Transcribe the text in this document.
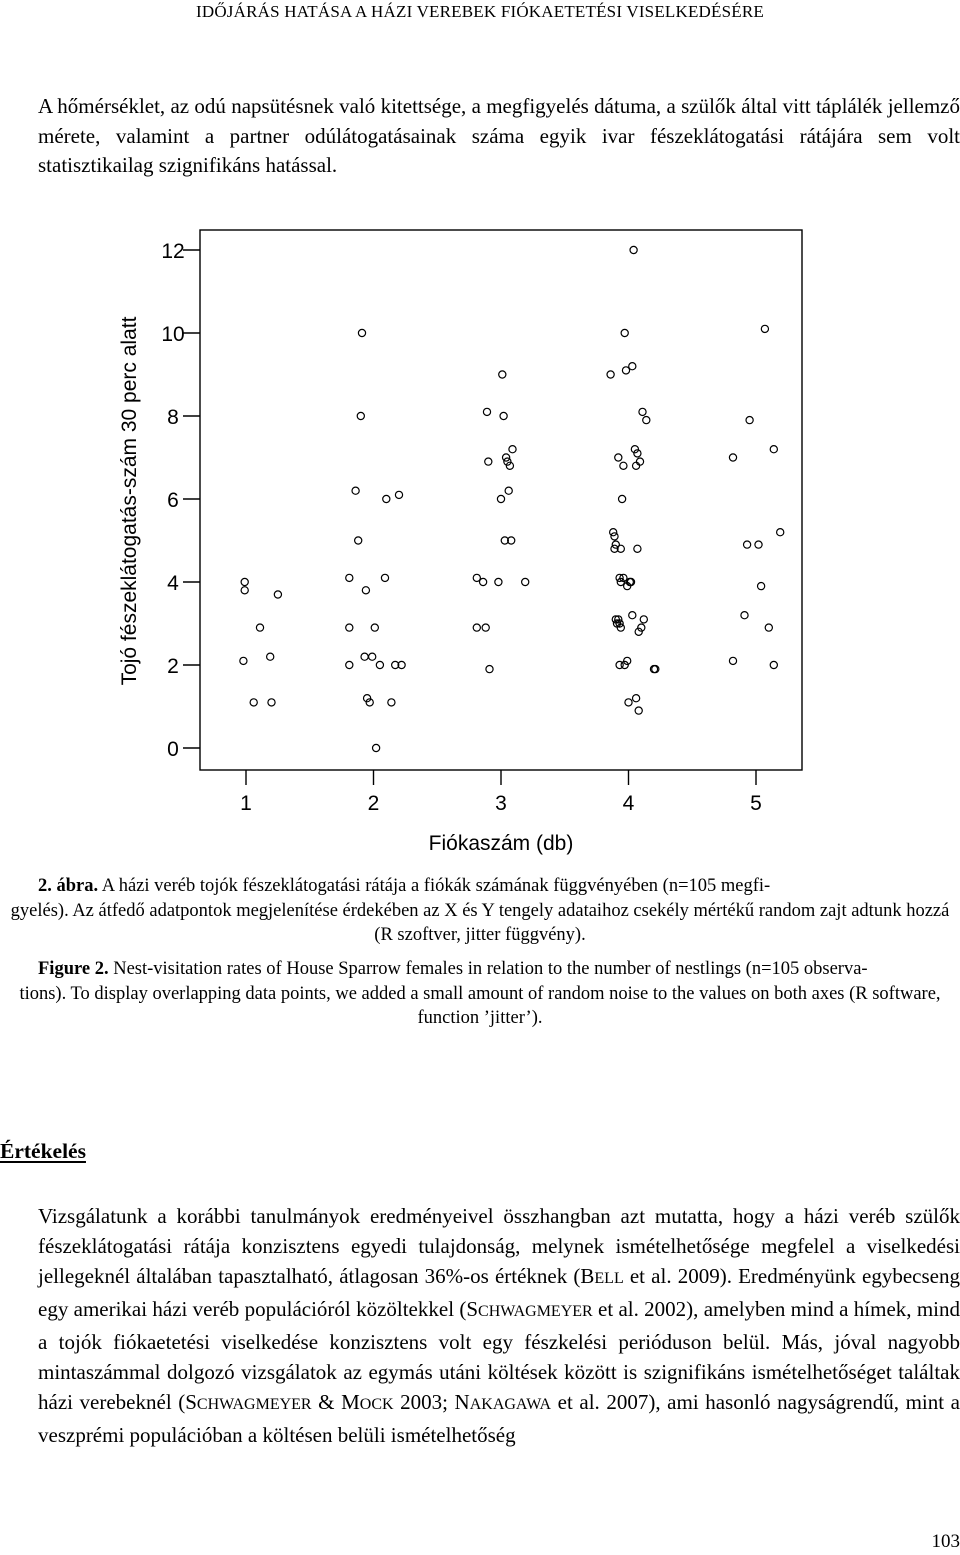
IDŐJÁRÁS HATÁSA A HÁZI VEREBEK FIÓKAETETÉSI VISELKEDÉSÉRE
A hőmérséklet, az odú napsütésnek való kitettsége, a megfigyelés dátuma, a szülők által vitt táplálék jellemző mérete, valamint a partner odúlátogatásainak száma egyik ivar fészeklátogatási rátájára sem volt statisztikailag szignifikáns hatással.
0
2
4
6
8
10
12
1	2	3	4	5
Tojó fészeklátogatás-szám 30 perc alatt
Fiókaszám (db)
2. ábra. A házi veréb tojók fészeklátogatási rátája a fiókák számának függvényében (n=105 megfi-
gyelés). Az átfedő adatpontok megjelenítése érdekében az X és Y tengely adataihoz csekély mértékű random zajt adtunk hozzá (R szoftver, jitter függvény).
Figure 2. Nest-visitation rates of House Sparrow females in relation to the number of nestlings (n=105 observa-
tions). To display overlapping data points, we added a small amount of random noise to the values on both axes (R software, function ’jitter’).
Értékelés
Vizsgálatunk a korábbi tanulmányok eredményeivel összhangban azt mutatta, hogy a házi veréb szülők fészeklátogatási rátája konzisztens egyedi tulajdonság, melynek ismételhetősége megfelel a viselkedési jellegeknél általában tapasztalható, átlagosan 36%-os értéknek (BELL et al. 2009). Eredményünk egybecseng egy amerikai házi veréb populációról közöltekkel (SCHWAGMEYER et al. 2002), amelyben mind a hímek, mind a tojók fiókaetetési viselkedése konzisztens volt egy fészkelési perióduson belül. Más, jóval nagyobb mintaszámmal dolgozó vizsgálatok az egymás utáni költések között is szignifikáns ismételhetőséget találtak házi verebeknél (SCHWAGMEYER & MOCK 2003; NAKAGAWA et al. 2007), ami hasonló nagyságrendű, mint a veszprémi populációban a költésen belüli ismételhetőség
103
